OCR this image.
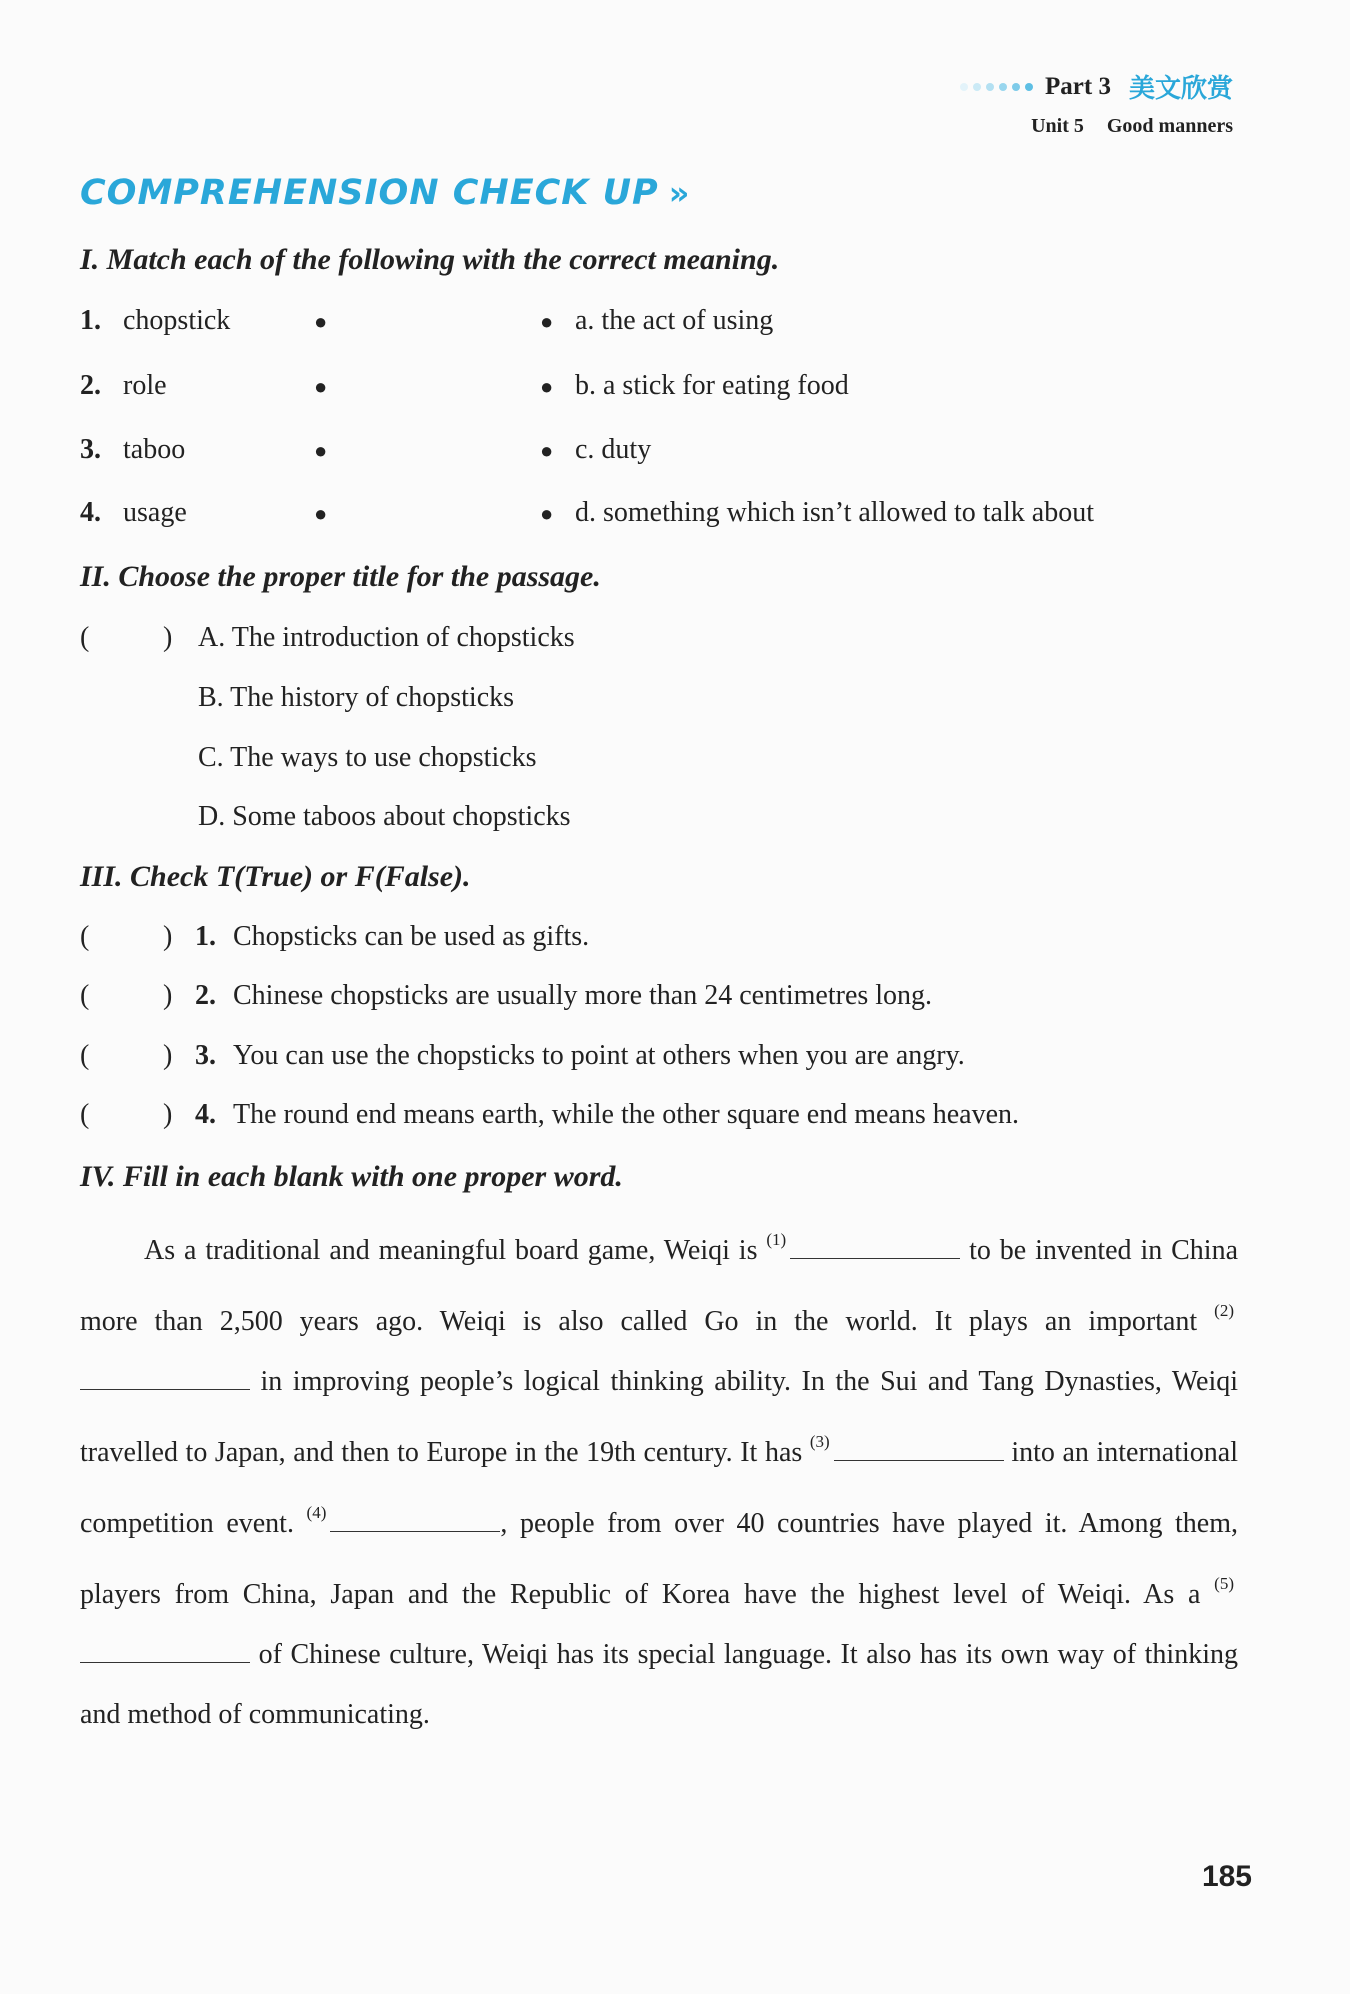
Part 3 美文欣赏
Unit 5 Good manners
COMPREHENSION CHECK UP »
I. Match each of the following with the correct meaning.
1. chopstick	●	● a. the act of using
2. role	●	● b. a stick for eating food
3. taboo	●	● c. duty
4. usage	●	● d. something which isn’t allowed to talk about
II. Choose the proper title for the passage.
(	) A. The introduction of chopsticks
B. The history of chopsticks
C. The ways to use chopsticks
D. Some taboos about chopsticks
III. Check T(True) or F(False).
(	) 1. Chopsticks can be used as gifts.
(	) 2. Chinese chopsticks are usually more than 24 centimetres long.
(	) 3. You can use the chopsticks to point at others when you are angry.
(	) 4. The round end means earth, while the other square end means heaven.
IV. Fill in each blank with one proper word.
As a traditional and meaningful board game, Weiqi is $^{(1)}$	to be invented in China more than 2,500 years ago. Weiqi is also called Go in the world. It plays an important $^{(2)}$ in improving people’s logical thinking ability. In the Sui and Tang Dynasties, Weiqi travelled to Japan, and then to Europe in the 19th century. It has $^{(3)}$	into an international competition event. $^{(4)}$	, people from over 40 countries have played it. Among them, players from China, Japan and the Republic of Korea have the highest level of Weiqi. As a $^{(5)}$ of Chinese culture, Weiqi has its special language. It also has its own way of thinking and method of communicating.
185
